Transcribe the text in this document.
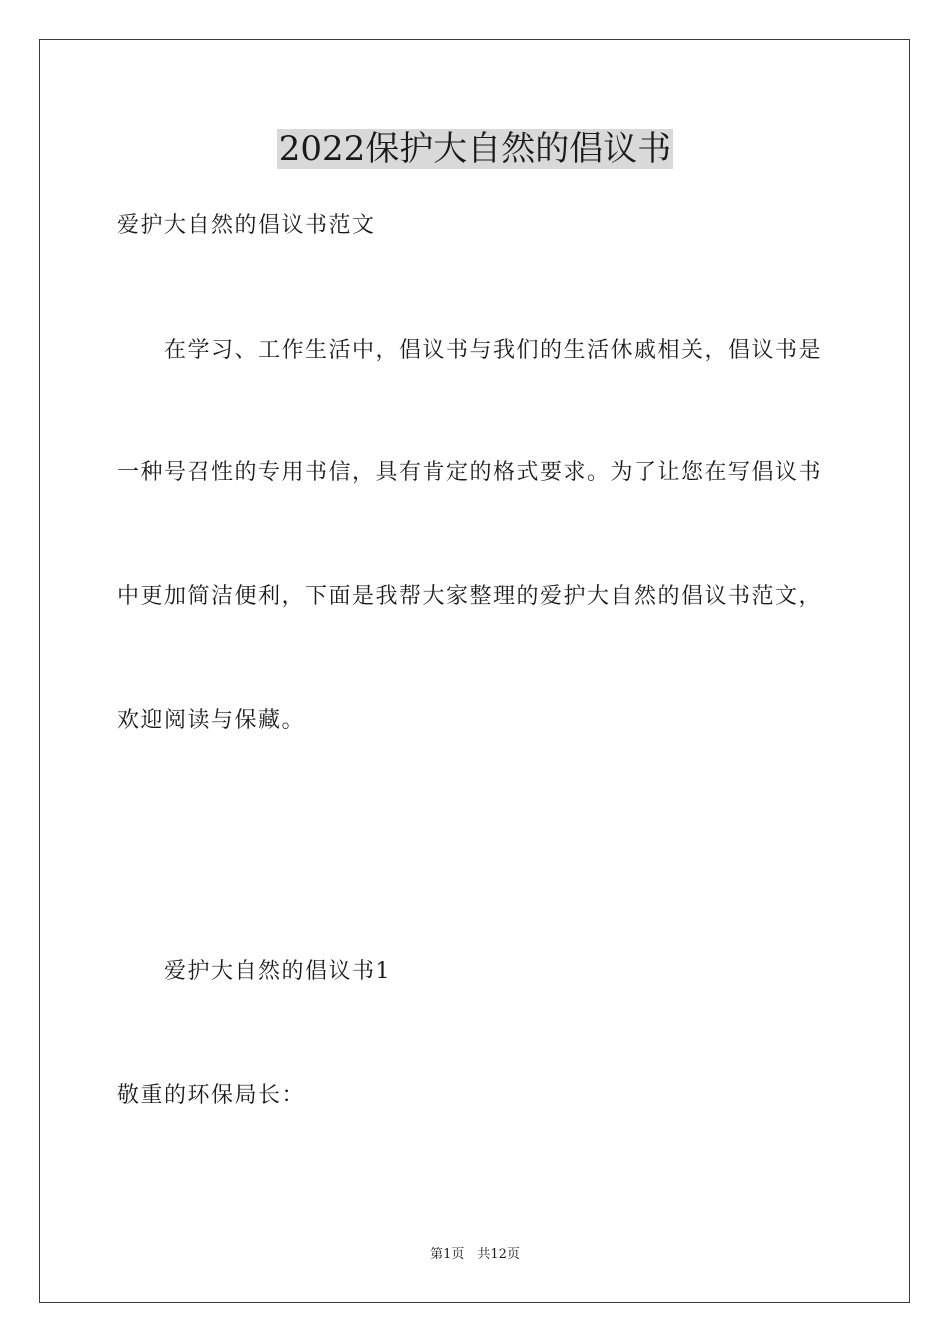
2022保护大自然的倡议书
爱护大自然的倡议书范文
在学习、工作生活中，倡议书与我们的生活休戚相关，倡议书是
一种号召性的专用书信，具有肯定的格式要求。为了让您在写倡议书
中更加简洁便利，下面是我帮大家整理的爱护大自然的倡议书范文，
欢迎阅读与保藏。
爱护大自然的倡议书1
敬重的环保局长：
第1页　共12页
